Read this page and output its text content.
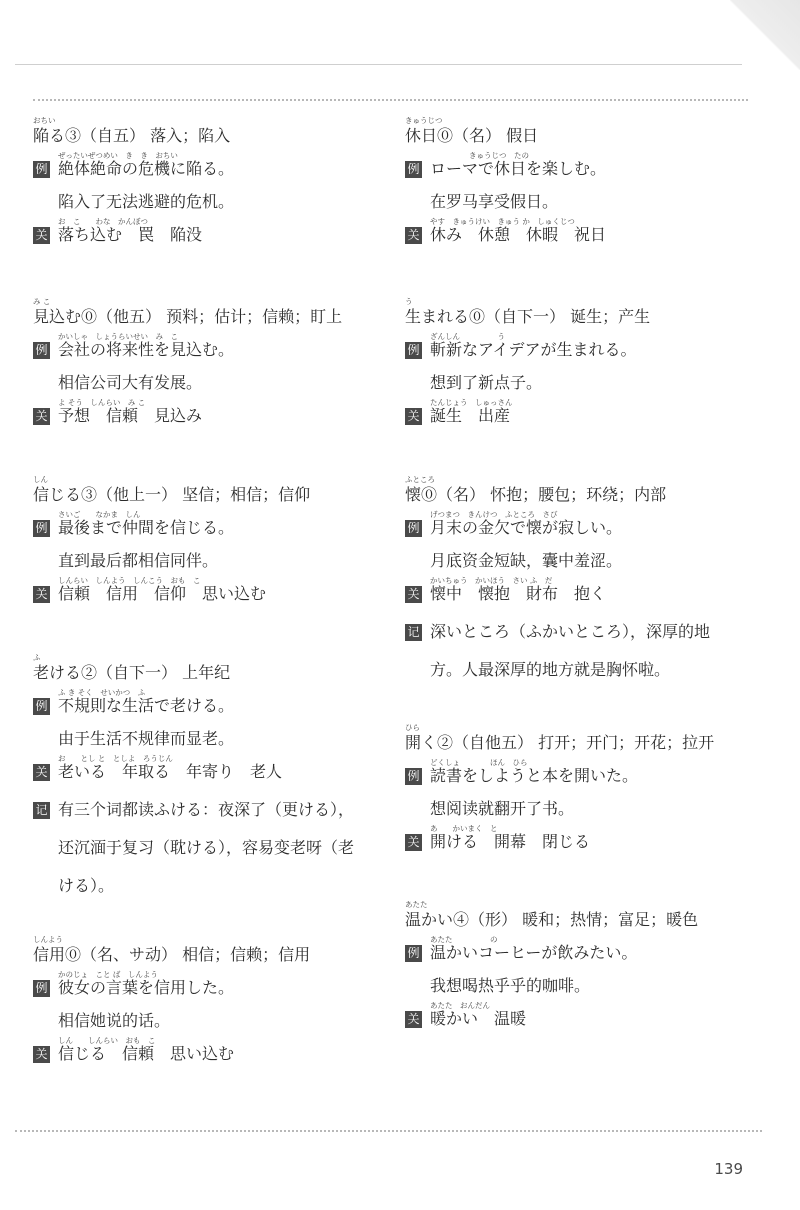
おちい
陥る③（自五） 落入；陷入
例
ぜったいぜつめい　き　き　おちい
絶体絶命の危機に陥る。
陷入了无法逃避的危机。
关
お　こ　　わな　かんぼつ
落ち込む　罠　陥没
み こ
見込む⓪（他五） 预料；估计；信赖；盯上
例
かいしゃ　しょうらいせい　み　こ
会社の将来性を見込む。
相信公司大有发展。
关
よ そう　しんらい　み こ
予想　信頼　見込み
しん
信じる③（他上一） 坚信；相信；信仰
例
さいご　　なかま　しん
最後まで仲間を信じる。
直到最后都相信同伴。
关
しんらい　しんよう　しんこう　おも　こ
信頼　信用　信仰　思い込む
ふ
老ける②（自下一） 上年纪
例
ふ き そく　せいかつ　ふ
不規則な生活で老ける。
由于生活不规律而显老。
关
お　　とし と　としよ　ろうじん
老いる　年取る　年寄り　老人
记 有三个词都读ふける：夜深了（更ける），
还沉湎于复习（耽ける），容易变老呀（老
ける）。
しんよう
信用⓪（名、サ动） 相信；信赖；信用
例
かのじょ　こと ば　しんよう
彼女の言葉を信用した。
相信她说的话。
关
しん　　しんらい　おも　こ
信じる　信頼　思い込む
きゅうじつ
休日⓪（名） 假日
例
きゅうじつ　たの
ローマで休日を楽しむ。
在罗马享受假日。
关
やす　きゅうけい　きゅう か　しゅくじつ
休み　休憩　休暇　祝日
う
生まれる⓪（自下一） 诞生；产生
例
ざんしん　　　　　う
斬新なアイデアが生まれる。
想到了新点子。
关
たんじょう　しゅっさん
誕生　出産
ふところ
懐⓪（名） 怀抱；腰包；环绕；内部
例
げつまつ　きんけつ　ふところ　さび
月末の金欠で懐が寂しい。
月底资金短缺，囊中羞涩。
关
かいちゅう　かいほう　さい ふ　だ
懐中　懐抱　財布　抱く
记 深いところ（ふかいところ），深厚的地
方。人最深厚的地方就是胸怀啦。
ひら
開く②（自他五） 打开；开门；开花；拉开
例
どくしょ　　　　ほん　ひら
読書をしようと本を開いた。
想阅读就翻开了书。
关
あ　　かいまく　と
開ける　開幕　閉じる
あたた
温かい④（形） 暖和；热情；富足；暖色
例
あたた　　　　　の
温かいコーヒーが飲みたい。
我想喝热乎乎的咖啡。
关
あたた　おんだん
暖かい　温暖
139
